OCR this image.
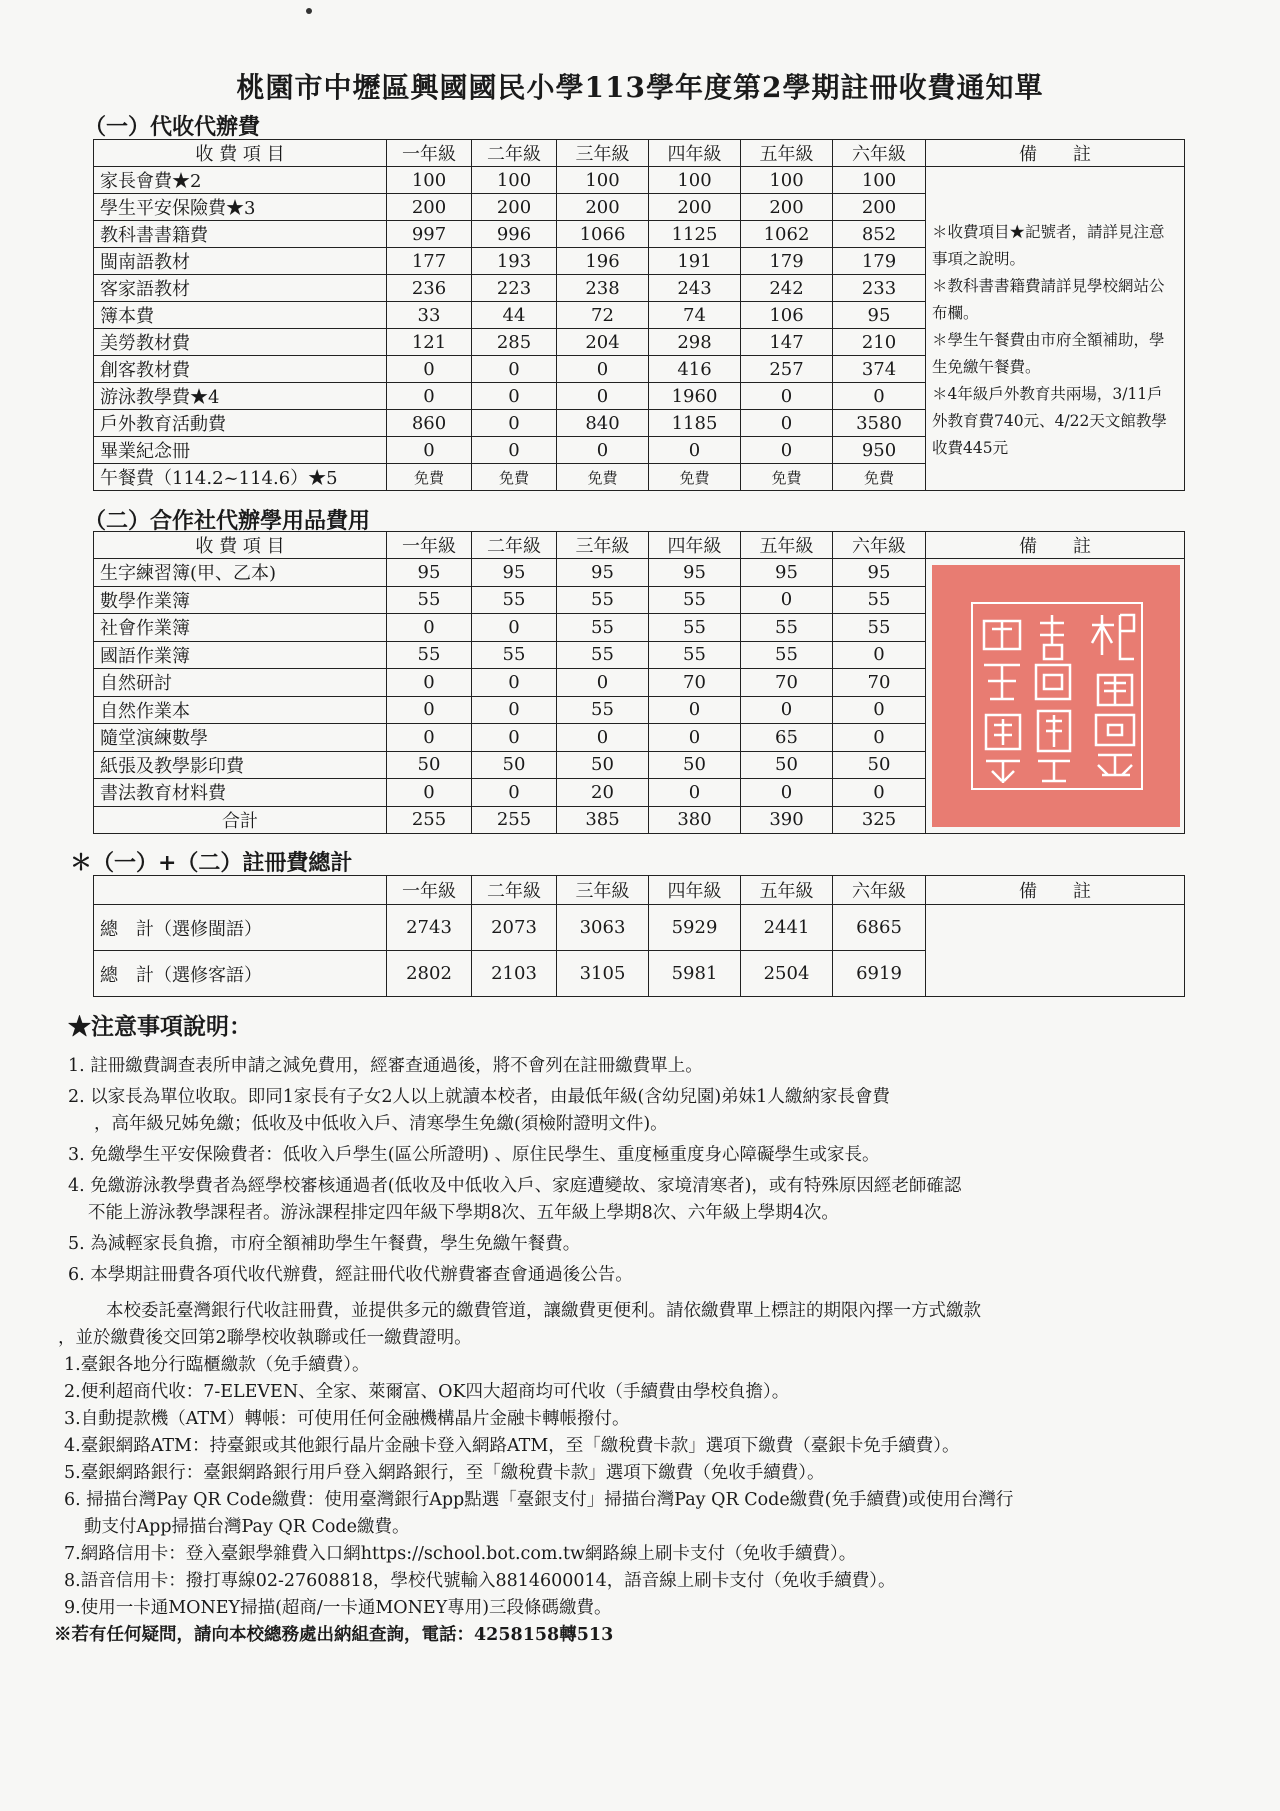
桃園市中壢區興國國民小學113學年度第2學期註冊收費通知單
（一）代收代辦費
收 費 項 目	一年級	二年級	三年級	四年級	五年級	六年級	備　　註
家長會費★2	100	100	100	100	100	100	＊收費項目★記號者，請詳見注意事項之說明。
＊教科書書籍費請詳見學校網站公布欄。
＊學生午餐費由市府全額補助，學生免繳午餐費。
＊4年級戶外教育共兩場，3/11戶外教育費740元、4/22天文館教學收費445元

學生平安保險費★3	200	200	200	200	200	200	
教科書書籍費	997	996	1066	1125	1062	852	
閩南語教材	177	193	196	191	179	179	
客家語教材	236	223	238	243	242	233	
簿本費	33	44	72	74	106	95	
美勞教材費	121	285	204	298	147	210	
創客教材費	0	0	0	416	257	374	
游泳教學費★4	0	0	0	1960	0	0	
戶外教育活動費	860	0	840	1185	0	3580	
畢業紀念冊	0	0	0	0	0	950	
午餐費（114.2~114.6）★5	免費	免費	免費	免費	免費	免費	
（二）合作社代辦學用品費用
收 費 項 目	一年級	二年級	三年級	四年級	五年級	六年級	備　　註
生字練習簿(甲、乙本)	95	95	95	95	95	95	

數學作業簿	55	55	55	55	0	55	
社會作業簿	0	0	55	55	55	55	
國語作業簿	55	55	55	55	55	0	
自然研討	0	0	0	70	70	70	
自然作業本	0	0	55	0	0	0	
隨堂演練數學	0	0	0	0	65	0	
紙張及教學影印費	50	50	50	50	50	50	
書法教育材料費	0	0	20	0	0	0	
合計	255	255	385	380	390	325	
＊（一）+（二）註冊費總計
	一年級	二年級	三年級	四年級	五年級	六年級	備　　註
總　計（選修閩語）	2743	2073	3063	5929	2441	6865	
總　計（選修客語）	2802	2103	3105	5981	2504	6919	
★注意事項說明：

1. 註冊繳費調查表所申請之減免費用，經審查通過後，將不會列在註冊繳費單上。

2. 以家長為單位收取。即同1家長有子女2人以上就讀本校者，由最低年級(含幼兒園)弟妹1人繳納家長會費

，高年級兄姊免繳；低收及中低收入戶、清寒學生免繳(須檢附證明文件)。

3. 免繳學生平安保險費者：低收入戶學生(區公所證明) 、原住民學生、重度極重度身心障礙學生或家長。

4. 免繳游泳教學費者為經學校審核通過者(低收及中低收入戶、家庭遭變故、家境清寒者)，或有特殊原因經老師確認

不能上游泳教學課程者。游泳課程排定四年級下學期8次、五年級上學期8次、六年級上學期4次。

5. 為減輕家長負擔，市府全額補助學生午餐費，學生免繳午餐費。

6. 本學期註冊費各項代收代辦費，經註冊代收代辦費審查會通過後公告。

本校委託臺灣銀行代收註冊費，並提供多元的繳費管道，讓繳費更便利。請依繳費單上標註的期限內擇一方式繳款

，並於繳費後交回第2聯學校收執聯或任一繳費證明。

1.臺銀各地分行臨櫃繳款（免手續費）。

2.便利超商代收：7-ELEVEN、全家、萊爾富、OK四大超商均可代收（手續費由學校負擔）。

3.自動提款機（ATM）轉帳：可使用任何金融機構晶片金融卡轉帳撥付。

4.臺銀網路ATM：持臺銀或其他銀行晶片金融卡登入網路ATM，至「繳稅費卡款」選項下繳費（臺銀卡免手續費）。

5.臺銀網路銀行：臺銀網路銀行用戶登入網路銀行，至「繳稅費卡款」選項下繳費（免收手續費）。

6. 掃描台灣Pay QR Code繳費：使用臺灣銀行App點選「臺銀支付」掃描台灣Pay QR Code繳費(免手續費)或使用台灣行

動支付App掃描台灣Pay QR Code繳費。

7.網路信用卡：登入臺銀學雜費入口網https://school.bot.com.tw網路線上刷卡支付（免收手續費）。

8.語音信用卡：撥打專線02-27608818，學校代號輸入8814600014，語音線上刷卡支付（免收手續費）。

9.使用一卡通MONEY掃描(超商/一卡通MONEY專用)三段條碼繳費。

※若有任何疑問，請向本校總務處出納組查詢，電話：4258158轉513
